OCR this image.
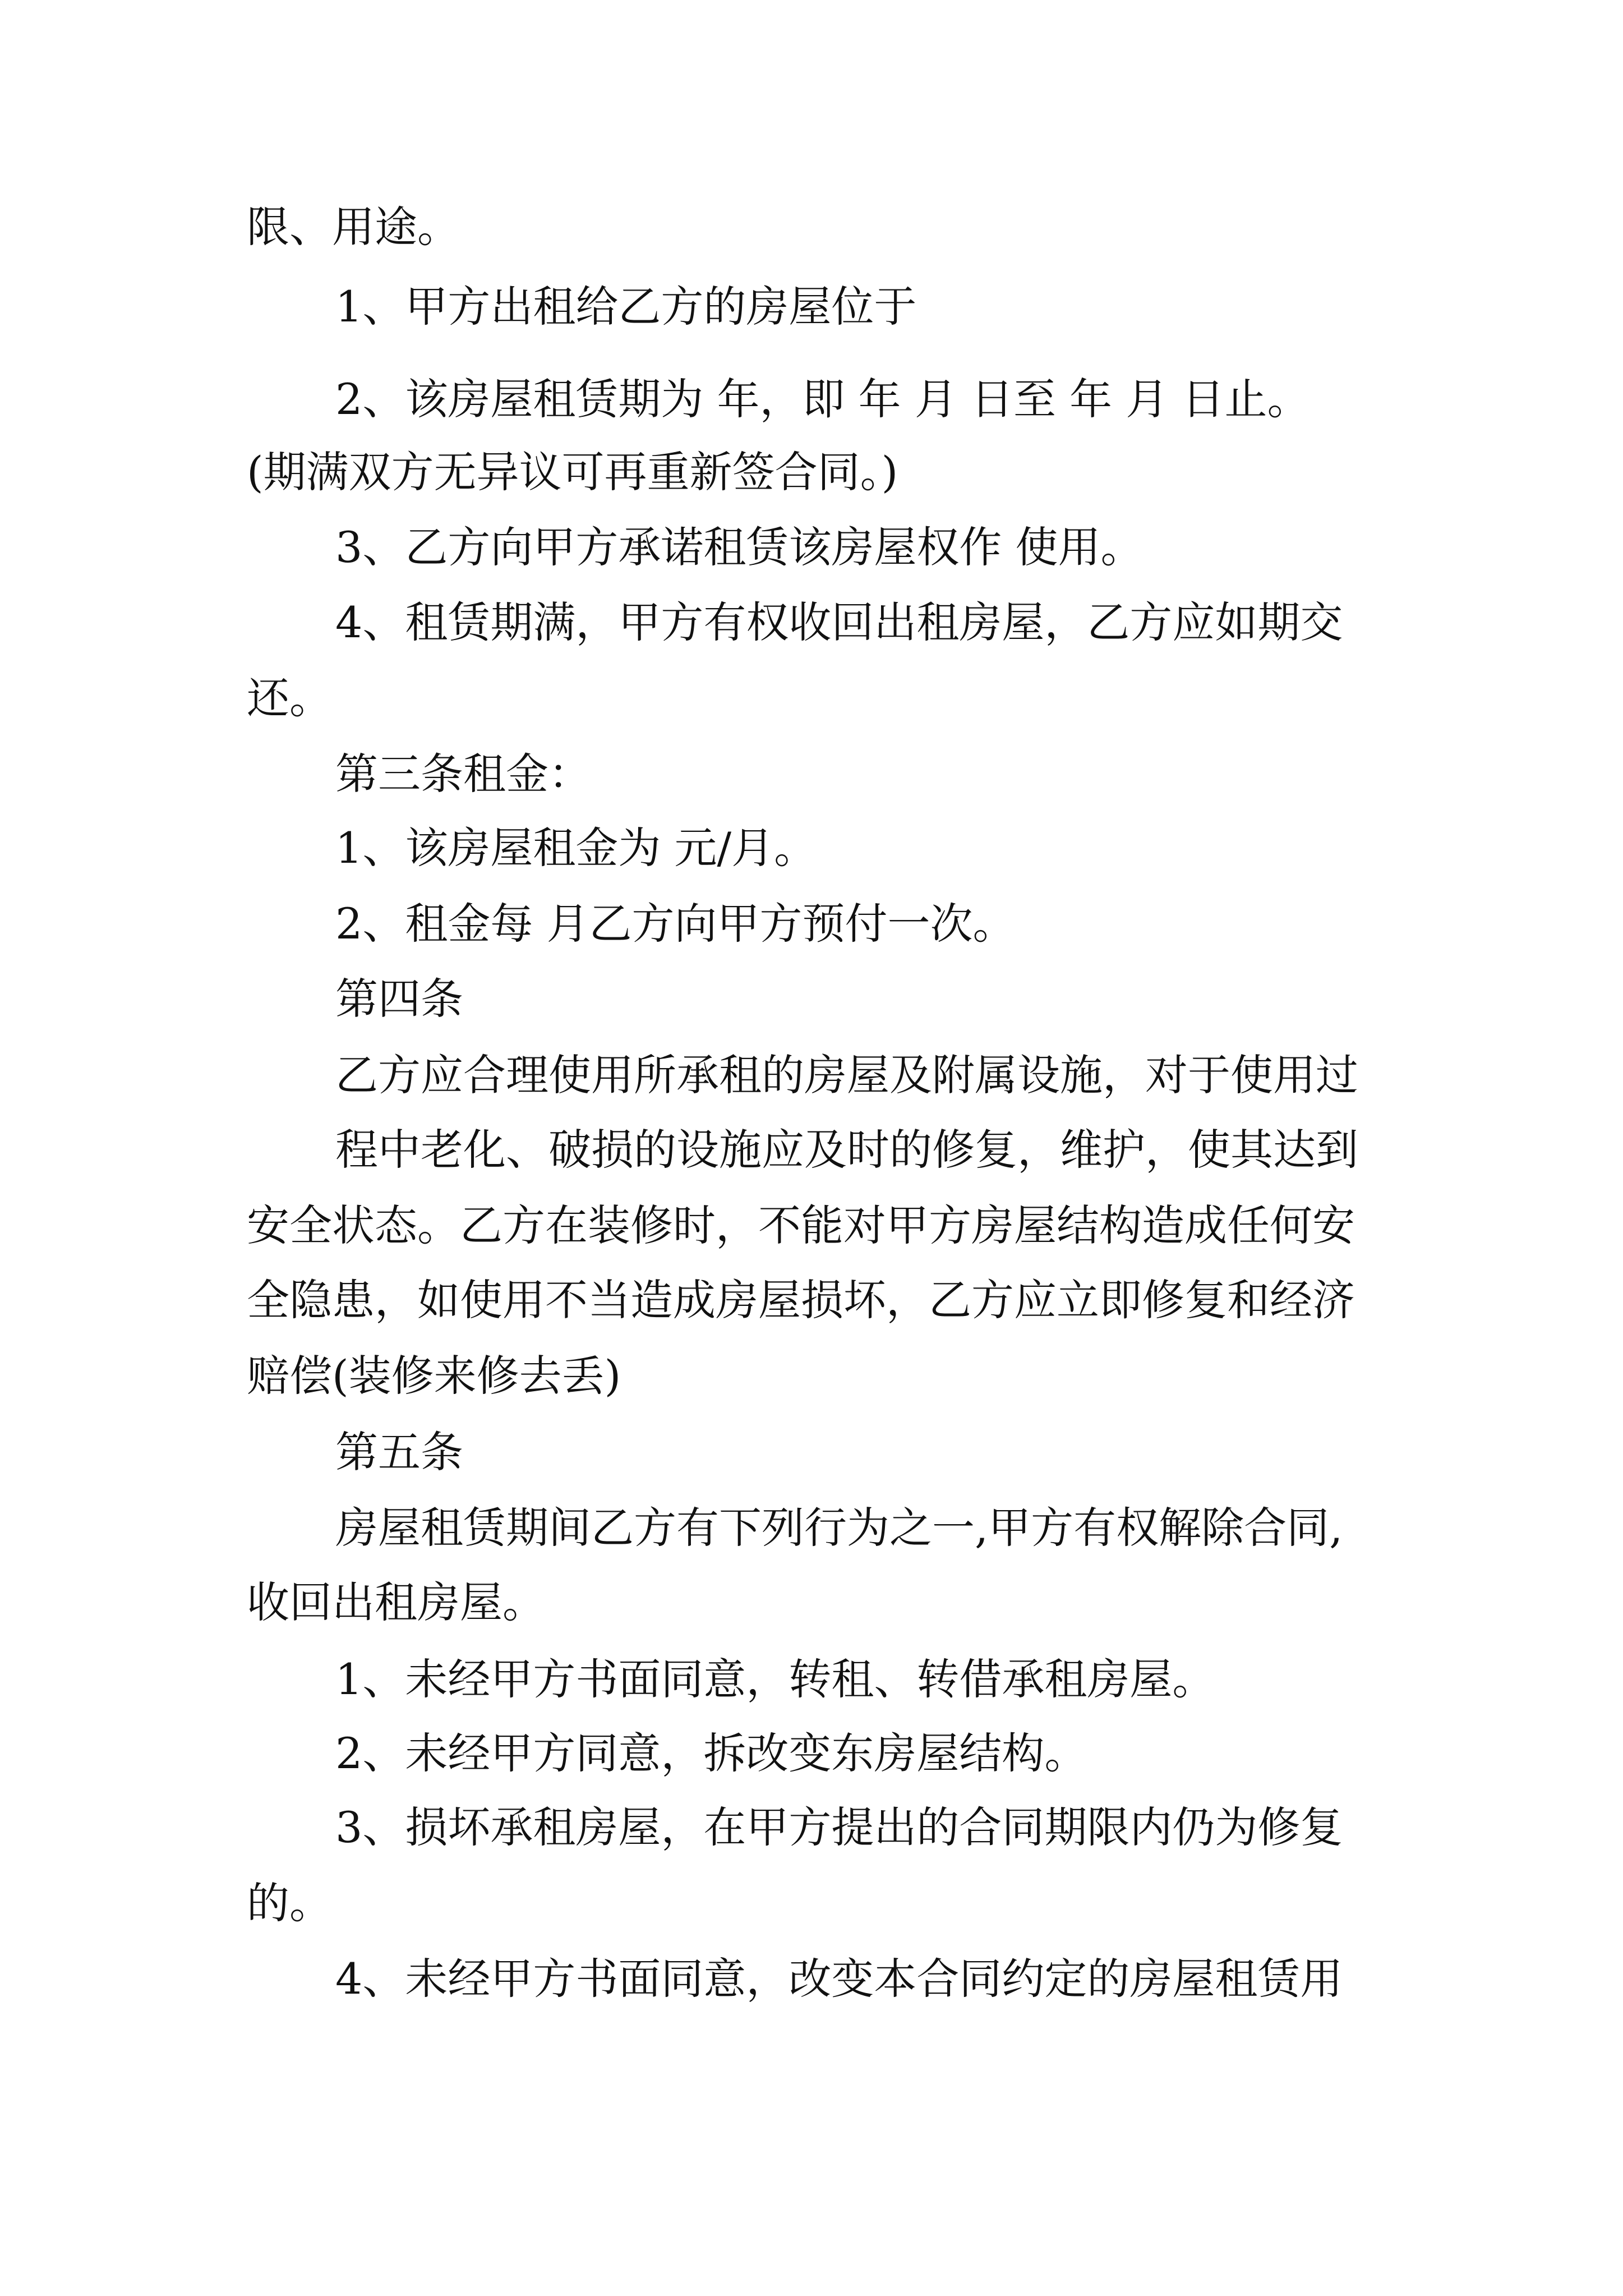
限、用途。
1、甲方出租给乙方的房屋位于
2、该房屋租赁期为 年，即 年 月 日至 年 月 日止。
(期满双方无异议可再重新签合同。)
3、乙方向甲方承诺租赁该房屋权作 使用。
4、租赁期满，甲方有权收回出租房屋，乙方应如期交
还。
第三条租金：
1、该房屋租金为 元/月。
2、租金每 月乙方向甲方预付一次。
第四条
乙方应合理使用所承租的房屋及附属设施，对于使用过
程中老化、破损的设施应及时的修复，维护，使其达到
安全状态。乙方在装修时，不能对甲方房屋结构造成任何安
全隐患，如使用不当造成房屋损坏，乙方应立即修复和经济
赔偿(装修来修去丢)
第五条
房屋租赁期间乙方有下列行为之一,甲方有权解除合同,
收回出租房屋。
1、未经甲方书面同意，转租、转借承租房屋。
2、未经甲方同意，拆改变东房屋结构。
3、损坏承租房屋，在甲方提出的合同期限内仍为修复
的。
4、未经甲方书面同意，改变本合同约定的房屋租赁用
